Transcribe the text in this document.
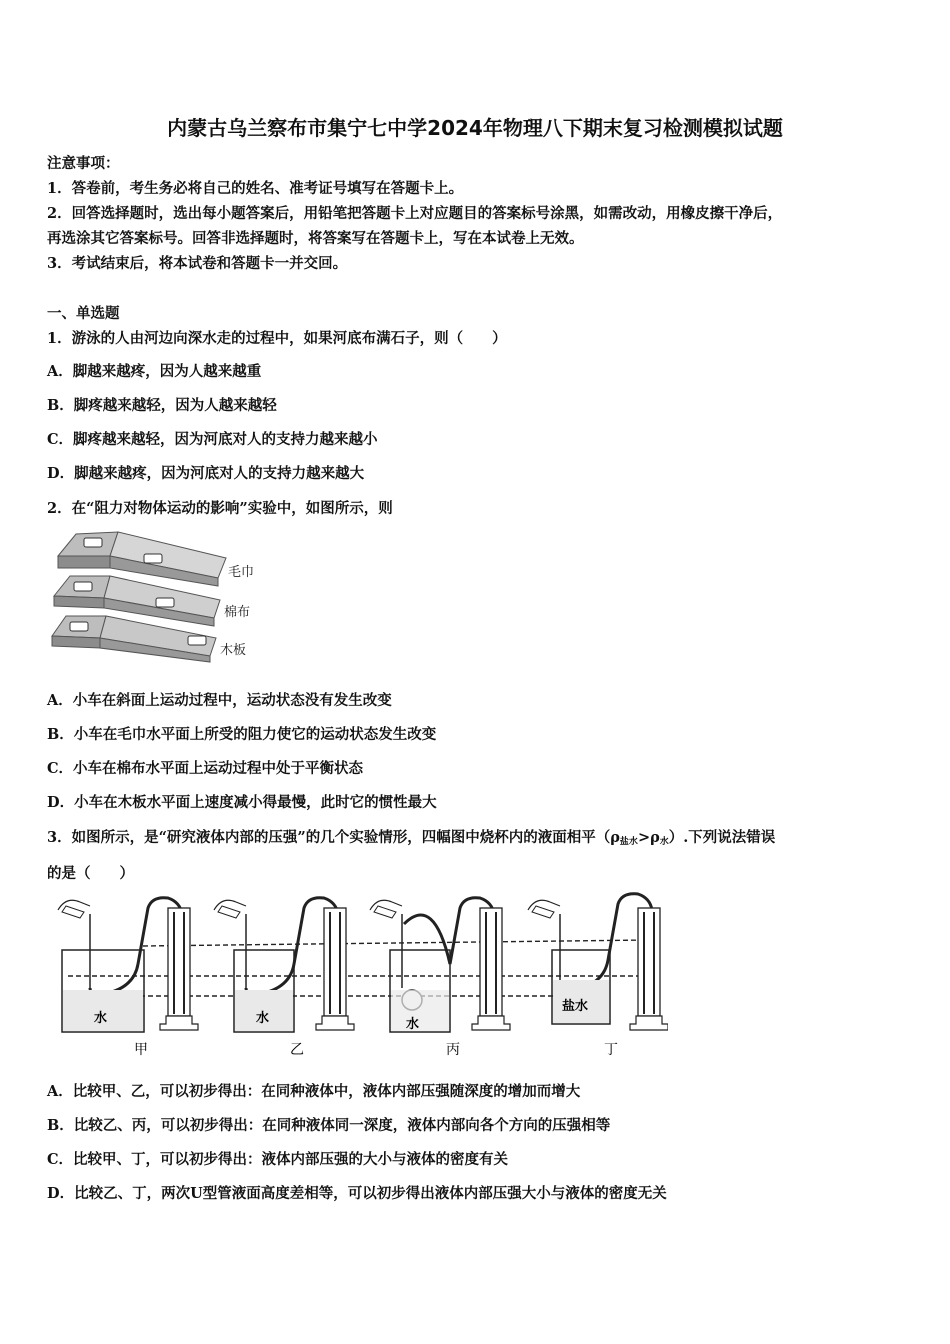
内蒙古乌兰察布市集宁七中学2024年物理八下期末复习检测模拟试题
注意事项：
1．答卷前，考生务必将自己的姓名、准考证号填写在答题卡上。
2．回答选择题时，选出每小题答案后，用铅笔把答题卡上对应题目的答案标号涂黑，如需改动，用橡皮擦干净后，
再选涂其它答案标号。回答非选择题时，将答案写在答题卡上，写在本试卷上无效。
3．考试结束后，将本试卷和答题卡一并交回。
一、单选题
1．游泳的人由河边向深水走的过程中，如果河底布满石子，则（　　）
A．脚越来越疼，因为人越来越重
B．脚疼越来越轻，因为人越来越轻
C．脚疼越来越轻，因为河底对人的支持力越来越小
D．脚越来越疼，因为河底对人的支持力越来越大
2．在“阻力对物体运动的影响”实验中，如图所示，则
毛巾
棉布
木板
A．小车在斜面上运动过程中，运动状态没有发生改变
B．小车在毛巾水平面上所受的阻力使它的运动状态发生改变
C．小车在棉布水平面上运动过程中处于平衡状态
D．小车在木板水平面上速度减小得最慢，此时它的惯性最大
3．如图所示，是“研究液体内部的压强”的几个实验情形，四幅图中烧杯内的液面相平$(\rho_{盐水}>\rho_水)$.下列说法错误
的是（　　）
水	水	水
盐水
甲	乙	丙	丁
A．比较甲、乙，可以初步得出：在同种液体中，液体内部压强随深度的增加而增大
B．比较乙、丙，可以初步得出：在同种液体同一深度，液体内部向各个方向的压强相等
C．比较甲、丁，可以初步得出：液体内部压强的大小与液体的密度有关
D．比较乙、丁，两次U型管液面高度差相等，可以初步得出液体内部压强大小与液体的密度无关
